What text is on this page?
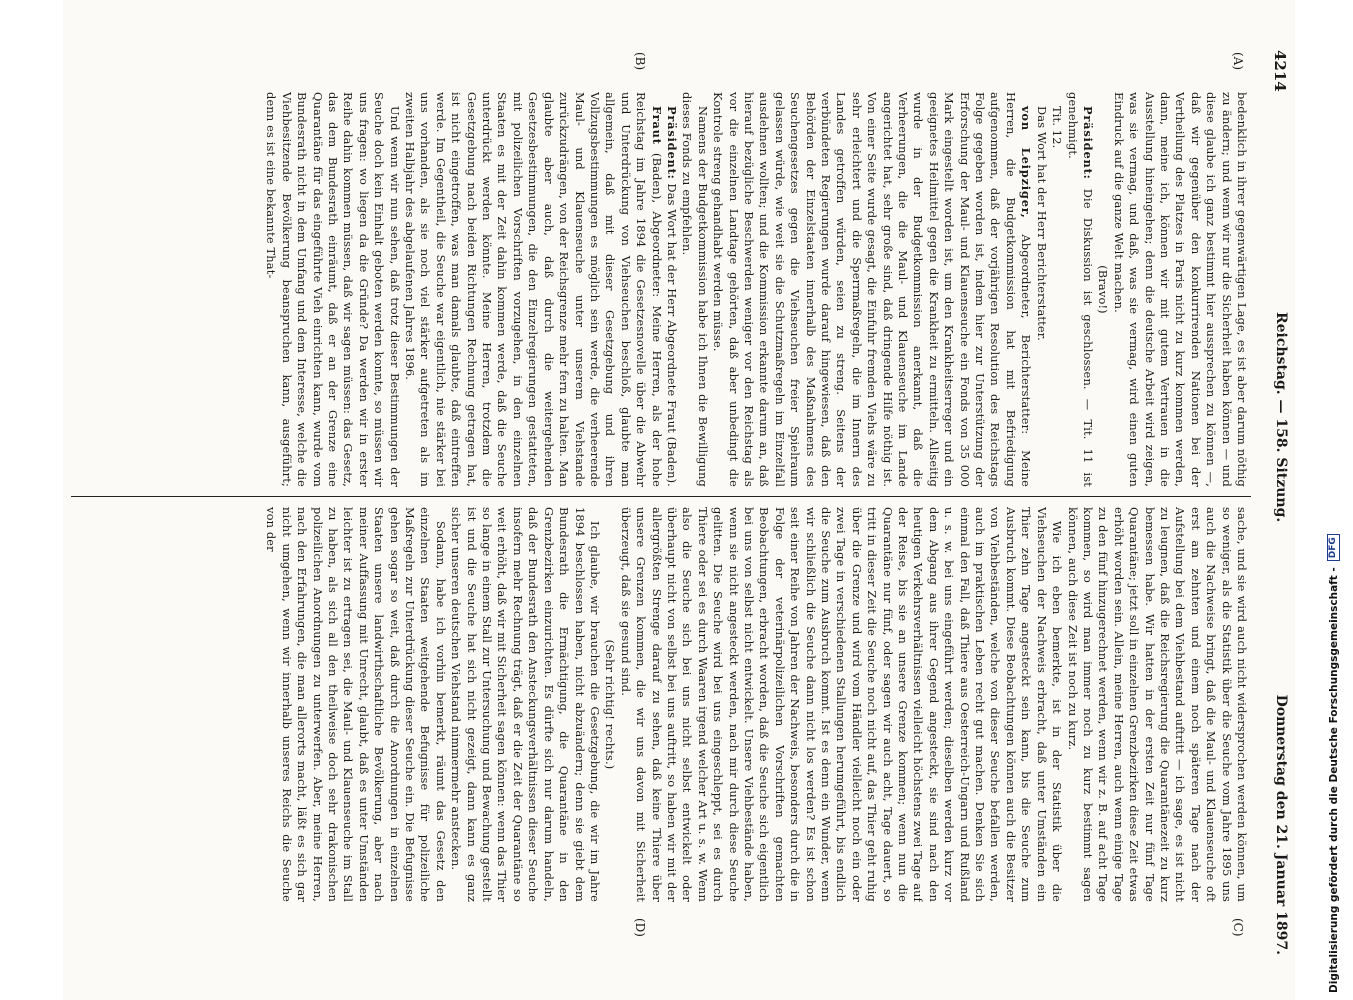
4214
Reichstag. — 158. Sitzung.
Donnerstag den 21. Januar 1897.
(A)
(B)
(C)
(D)

bedenklich in ihrer gegenwärtigen Lage, es ist aber darum nöthig zu ändern; und wenn wir nur die Sicherheit haben können — und diese glaube ich ganz bestimmt hier aussprechen zu können —, daß wir gegenüber den konkurrirenden Nationen bei der Vertheilung des Platzes in Paris nicht zu kurz kommen werden, dann, meine ich, können wir mit gutem Vertrauen in die Ausstellung hineingehen; denn die deutsche Arbeit wird zeigen, was sie vermag, und daß, was sie vermag, wird einen guten Eindruck auf die ganze Welt machen.

(Bravo!)

Präsident: Die Diskussion ist geschlossen. — Tit. 11 ist genehmigt.

Tit. 12.

Das Wort hat der Herr Berichterstatter.

von Leipziger, Abgeordneter, Berichterstatter: Meine Herren, die Budgetkommission hat mit Befriedigung aufgenommen, daß der vorjährigen Resolution des Reichstags Folge gegeben worden ist, indem hier zur Unterstützung der Erforschung der Maul- und Klauenseuche ein Fonds von 35 000 Mark eingestellt worden ist, um den Krankheitserreger und ein geeignetes Heilmittel gegen die Krankheit zu ermitteln. Allseitig wurde in der Budgetkommission anerkannt, daß die Verheerungen, die die Maul- und Klauenseuche im Lande angerichtet hat, sehr große sind, daß dringende Hilfe nöthig ist. Von einer Seite wurde gesagt, die Einfuhr fremden Viehs wäre zu sehr erleichtert und die Sperrmaßregeln, die im Innern des Landes getroffen würden, seien zu streng. Seitens der verbündeten Regierungen wurde darauf hingewiesen, daß den Behörden der Einzelstaaten innerhalb des Maßnahmens des Seuchengesetzes gegen die Viehseuchen freier Spielraum gelassen würde, wie weit sie die Schutzmaßregeln im Einzelfall ausdehnen wollten; und die Kommission erkannte darum an, daß hierauf bezügliche Beschwerden weniger vor den Reichstag als vor die einzelnen Landtage gehörten, daß aber unbedingt die Kontrole streng gehandhabt werden müsse.

Namens der Budgetkommission habe ich Ihnen die Bewilligung dieses Fonds zu empfehlen.

Präsident: Das Wort hat der Herr Abgeordnete Fraut (Baden).

Fraut (Baden), Abgeordneter: Meine Herren, als der hohe Reichstag im Jahre 1894 die Gesetzesnovelle über die Abwehr und Unterdrückung von Viehseuchen beschloß, glaubte man allgemein, daß mit dieser Gesetzgebung und ihren Vollzugsbestimmungen es möglich sein werde, die verheerende Maul- und Klauenseuche unter unserem Viehstande zurückzudrängen, von der Reichsgrenze mehr fern zu halten. Man glaubte aber auch, daß durch die weitergehenden Gesetzesbestimmungen, die den Einzelregierungen gestatteten, mit polizeilichen Vorschriften vorzugehen, in den einzelnen Staaten es mit der Zeit dahin kommen werde, daß die Seuche unterdrückt werden könnte. Meine Herren, trotzdem die Gesetzgebung nach beiden Richtungen Rechnung getragen hat, ist nicht eingetroffen, was man damals glaubte, daß eintreffen werde. Im Gegentheil, die Seuche war eigentlich, nie stärker bei uns vorhanden, als sie noch viel stärker aufgetreten als im zweiten Halbjahr des abgelaufenen Jahres 1896.

Und wenn wir nun sehen, daß trotz dieser Bestimmungen der Seuche doch kein Einhalt geboten werden konnte, so müssen wir uns fragen: wo liegen da die Gründe? Da werden wir in erster Reihe dahin kommen müssen, daß wir sagen müssen: das Gesetz, das dem Bundesrath einräumt, daß er an der Grenze eine Quarantäne für das eingeführte Vieh einrichten kann, wurde vom Bundesrath nicht in dem Umfang und dem Interesse, welche die Viehbesitzende Bevölkerung beanspruchen kann, ausgeführt; denn es ist eine bekannte That-

sache, und sie wird auch nicht widersprochen werden können, um so weniger, als die Statistik über die Seuche vom Jahre 1895 uns auch die Nachweise bringt, daß die Maul- und Klauenseuche oft erst am zehnten und einem noch späteren Tage nach der Aufstellung bei dem Viehbestand auftritt — ich sage, es ist nicht zu leugnen, daß die Reichsregierung die Quarantänezeit zu kurz bemessen habe. Wir hatten in der ersten Zeit nur fünf Tage Quarantäne; jetzt soll in einzelnen Grenzbezirken diese Zeit etwas erhöht worden sein. Allein, meine Herren, auch wenn einige Tage zu den fünf hinzugerechnet werden, wenn wir z. B. auf acht Tage kommen, so wird man immer noch zu kurz bestimmt sagen können, auch diese Zeit ist noch zu kurz.

Wie ich eben bemerkte, ist in der Statistik über die Viehseuchen der Nachweis erbracht, daß unter Umständen ein Thier zehn Tage angesteckt sein kann, bis die Seuche zum Ausbruch kommt. Diese Beobachtungen können auch die Besitzer von Viehbeständen, welche von dieser Seuche befallen werden, auch im praktischen Leben recht gut machen. Denken Sie sich einmal den Fall, daß Thiere aus Oesterreich-Ungarn und Rußland u. s. w. bei uns eingeführt werden; dieselben werden kurz vor dem Abgang aus ihrer Gegend angesteckt, sie sind nach den heutigen Verkehrsverhältnissen vielleicht höchstens zwei Tage auf der Reise, bis sie an unsere Grenze kommen; wenn nun die Quarantäne nur fünf, oder sagen wir auch acht, Tage dauert, so tritt in dieser Zeit die Seuche noch nicht auf, das Thier geht ruhig über die Grenze und wird vom Händler vielleicht noch ein oder zwei Tage in verschiedenen Stallungen herumgeführt, bis endlich die Seuche zum Ausbruch kommt. Ist es denn ein Wunder, wenn wir schließlich die Seuche dann nicht los werden? Es ist schon seit einer Reihe von Jahren der Nachweis, besonders durch die in Folge der veterinärpolizeilichen Vorschriften gemachten Beobachtungen, erbracht worden, daß die Seuche sich eigentlich bei uns von selbst nicht entwickelt. Unsere Viehbestände haben, wenn sie nicht angesteckt werden, nach mir durch diese Seuche gelitten. Die Seuche wird bei uns eingeschleppt, sei es durch Thiere oder sei es durch Waaren irgend welcher Art u. s. w. Wenn also die Seuche sich bei uns nicht selbst entwickelt oder überhaupt nicht von selbst bei uns auftritt, so haben wir mit der allergrößten Strenge darauf zu sehen, daß keine Thiere über unsere Grenzen kommen, die wir uns davon mit Sicherheit überzeugt, daß sie gesund sind.

(Sehr richtig! rechts.)

Ich glaube, wir brauchen die Gesetzgebung, die wir im Jahre 1894 beschlossen haben, nicht abzuändern; denn sie giebt dem Bundesrath die Ermächtigung, die Quarantäne in den Grenzbezirken einzurichten. Es dürfte sich nur darum handeln, daß der Bundesrath den Ansteckungsverhältnissen dieser Seuche insofern mehr Rechnung trägt, daß er die Zeit der Quarantäne so weit erhöht, daß wir mit Sicherheit sagen können: wenn das Thier so lange in einem Stall zur Untersuchung und Bewachung gestellt ist und die Seuche hat sich nicht gezeigt, dann kann es ganz sicher unseren deutschen Viehstand nimmermehr anstecken.

Sodann, habe ich vorhin bemerkt, räumt das Gesetz den einzelnen Staaten weitgehende Befugnisse für polizeiliche Maßregeln zur Unterdrückung dieser Seuche ein. Die Befugnisse gehen sogar so weit, daß durch die Anordnungen in einzelnen Staaten unsere landwirthschaftliche Bevölkerung, aber nach meiner Auffassung mit Unrecht, glaubt, daß es unter Umständen leichter ist zu ertragen sei, die Maul- und Klauenseuche im Stall zu haben, als sich all den theilweise doch sehr drakonischen polizeilichen Anordnungen zu unterwerfen. Aber, meine Herren, nach den Erfahrungen, die man allerorts macht, läßt es sich gar nicht umgehen, wenn wir innerhalb unseres Reichs die Seuche von der

Digitalisierung gefördert durch die Deutsche Forschungsgemeinschaft -
DFG
